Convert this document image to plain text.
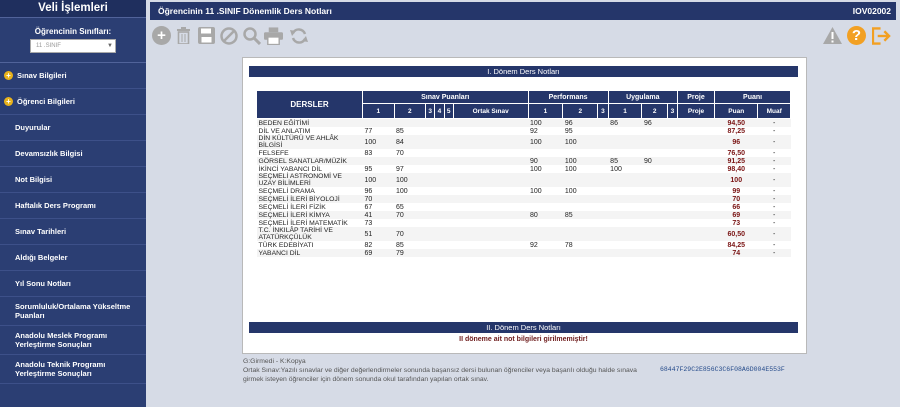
Veli İşlemleri
Öğrencinin Sınıfları:
11 .SINIF	▼
+ Sınav Bilgileri
+ Öğrenci Bilgileri
Duyurular
Devamsızlık Bilgisi
Not Bilgisi
Haftalık Ders Programı
Sınav Tarihleri
Aldığı Belgeler
Yıl Sonu Notları
Sorumluluk/Ortalama Yükseltme Puanları
Anadolu Meslek Programı Yerleştirme Sonuçları
Anadolu Teknik Programı Yerleştirme Sonuçları
Öğrencinin 11 .SINIF Dönemlik Ders Notları	IOV02002
+	?
I. Dönem Ders Notları
DERSLER	Sınav Puanları						Performans			Uygulama			Proje	Puanı	
	1	2	3	4	5	Ortak Sınav	1	2	3	1	2	3	Proje	Puan	Muaf
BEDEN EĞİTİMİ							100	96		86	96			94,50	-
DİL VE ANLATIM	77	85					92	95						87,25	-
DİN KÜLTÜRÜ VE AHLÂK BİLGİSİ	100	84					100	100						96	-
FELSEFE	83	70												76,50	-
GÖRSEL SANATLAR/MÜZİK							90	100		85	90			91,25	-
İKİNCİ YABANCI DİL	95	97					100	100		100				98,40	-
SEÇMELİ ASTRONOMİ VE UZAY BİLİMLERİ	100	100												100	-
SEÇMELİ DRAMA	96	100					100	100						99	-
SEÇMELİ İLERİ BİYOLOJİ	70													70	-
SEÇMELİ İLERİ FİZİK	67	65												66	-
SEÇMELİ İLERİ KİMYA	41	70					80	85						69	-
SEÇMELİ İLERİ MATEMATİK	73													73	-
T.C. İNKILÂP TARİHİ VE ATATÜRKÇÜLÜK	51	70												60,50	-
TÜRK EDEBİYATI	82	85					92	78						84,25	-
YABANCI DİL	69	79												74	-
II. Dönem Ders Notları
II döneme ait not bilgileri girilmemiştir!
G:Girmedi - K:Kopya
Ortak Sınav:Yazılı sınavlar ve diğer değerlendirmeler sonunda başarısız dersi bulunan öğrenciler veya başarılı olduğu halde sınava girmek isteyen öğrenciler için dönem sonunda okul tarafından yapılan ortak sınav.
68447F29C2E856C3C6F08A6D004E553F
